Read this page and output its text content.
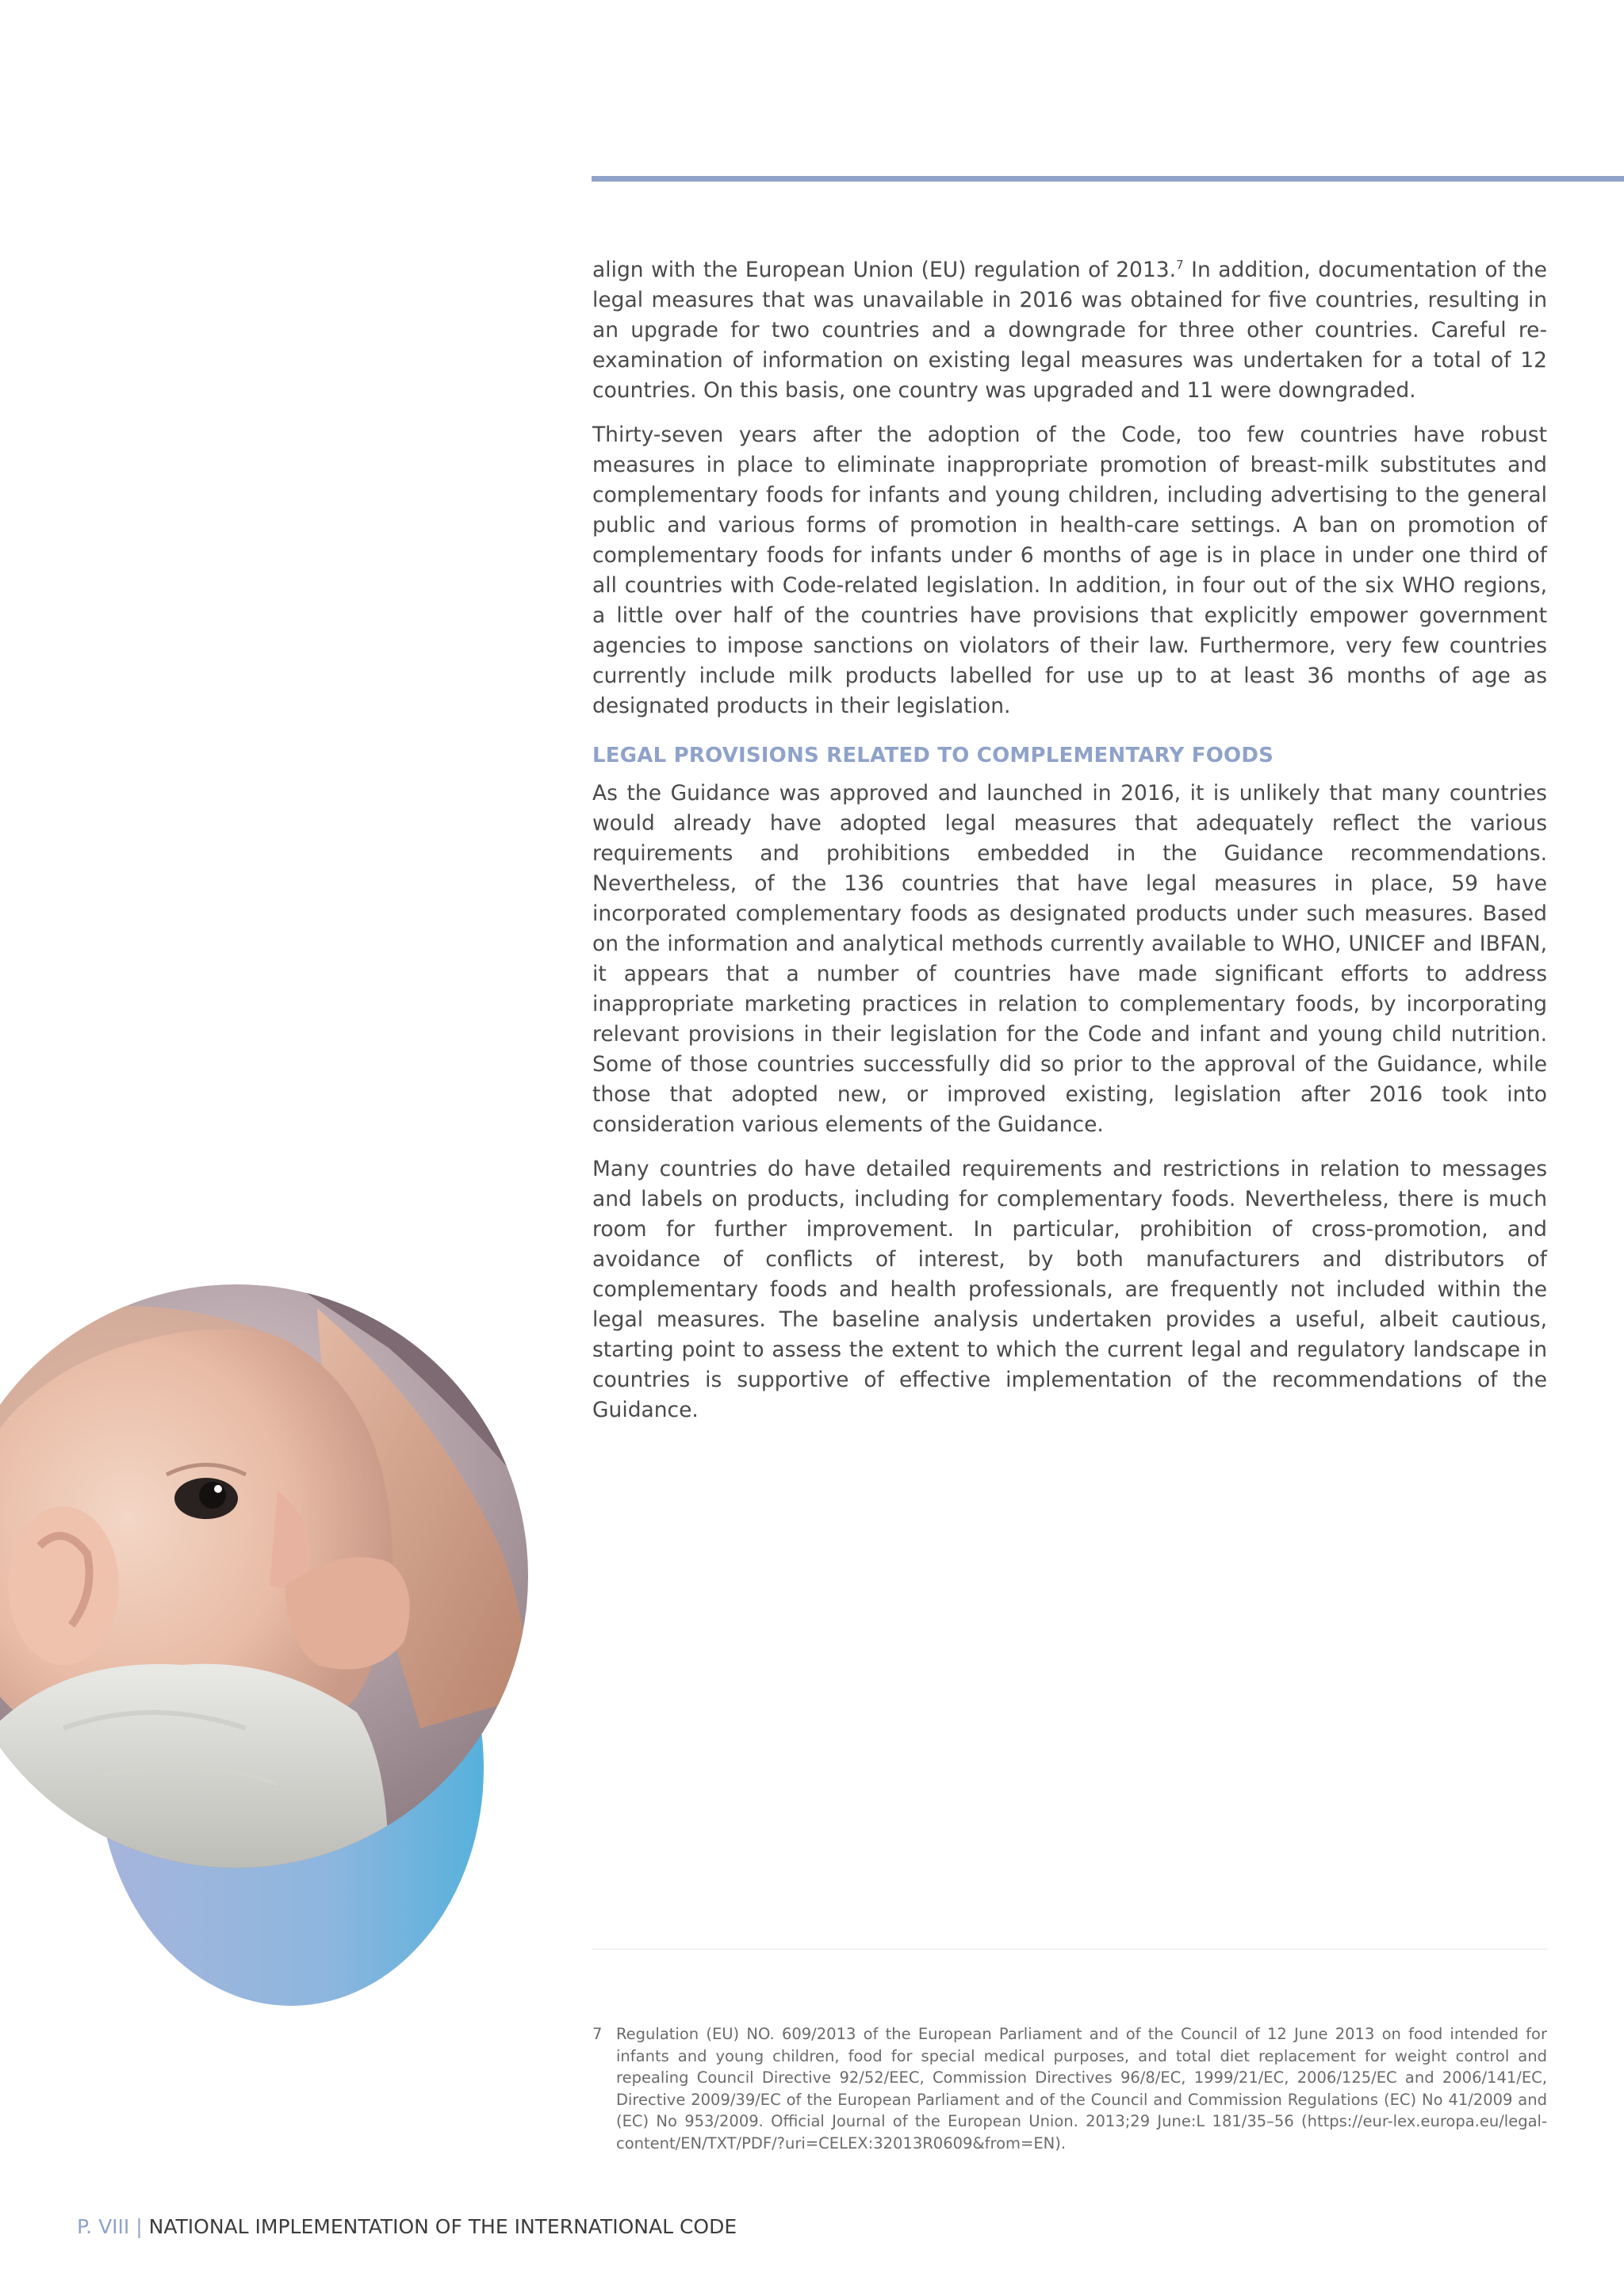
align with the European Union (EU) regulation of 2013.$^7$ In addition, documentation of the legal measures that was unavailable in 2016 was obtained for five countries, resulting in an upgrade for two countries and a downgrade for three other countries. Careful re-examination of information on existing legal measures was undertaken for a total of 12 countries. On this basis, one country was upgraded and 11 were downgraded.

Thirty-seven years after the adoption of the Code, too few countries have robust measures in place to eliminate inappropriate promotion of breast-milk substitutes and complementary foods for infants and young children, including advertising to the general public and various forms of promotion in health-care settings. A ban on promotion of complementary foods for infants under 6 months of age is in place in under one third of all countries with Code-related legislation. In addition, in four out of the six WHO regions, a little over half of the countries have provisions that explicitly empower government agencies to impose sanctions on violators of their law. Furthermore, very few countries currently include milk products labelled for use up to at least 36 months of age as designated products in their legislation.

LEGAL PROVISIONS RELATED TO COMPLEMENTARY FOODS

As the Guidance was approved and launched in 2016, it is unlikely that many countries would already have adopted legal measures that adequately reflect the various requirements and prohibitions embedded in the Guidance recommendations. Nevertheless, of the 136 countries that have legal measures in place, 59 have incorporated complementary foods as designated products under such measures. Based on the information and analytical methods currently available to WHO, UNICEF and IBFAN, it appears that a number of countries have made significant efforts to address inappropriate marketing practices in relation to complementary foods, by incorporating relevant provisions in their legislation for the Code and infant and young child nutrition. Some of those countries successfully did so prior to the approval of the Guidance, while those that adopted new, or improved existing, legislation after 2016 took into consideration various elements of the Guidance.

Many countries do have detailed requirements and restrictions in relation to messages and labels on products, including for complementary foods. Nevertheless, there is much room for further improvement. In particular, prohibition of cross-promotion, and avoidance of conflicts of interest, by both manufacturers and distributors of complementary foods and health professionals, are frequently not included within the legal measures. The baseline analysis undertaken provides a useful, albeit cautious, starting point to assess the extent to which the current legal and regulatory landscape in countries is supportive of effective implementation of the recommendations of the Guidance.

7 Regulation (EU) NO. 609/2013 of the European Parliament and of the Council of 12 June 2013 on food intended for infants and young children, food for special medical purposes, and total diet replacement for weight control and repealing Council Directive 92/52/EEC, Commission Directives 96/8/EC, 1999/21/EC, 2006/125/EC and 2006/141/EC, Directive 2009/39/EC of the European Parliament and of the Council and Commission Regulations (EC) No 41/2009 and (EC) No 953/2009. Official Journal of the European Union. 2013;29 June:L 181/35–56 (https://eur-lex.europa.eu/legal-content/EN/TXT/PDF/?uri=CELEX:32013R0609&from=EN).
P. VIII | NATIONAL IMPLEMENTATION OF THE INTERNATIONAL CODE
